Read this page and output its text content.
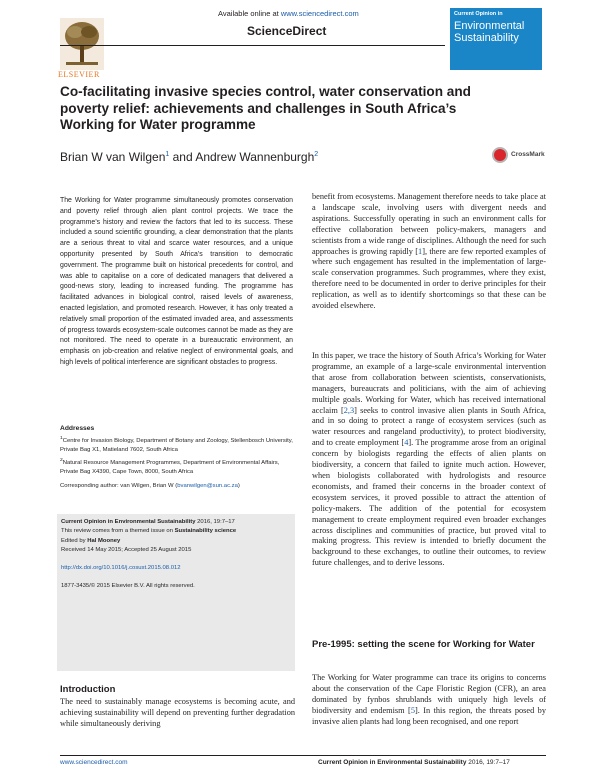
ELSEVIER
Available online at www.sciencedirect.com
ScienceDirect
Current Opinion in
Environmental Sustainability
Co-facilitating invasive species control, water conservation and poverty relief: achievements and challenges in South Africa’s Working for Water programme
Brian W van Wilgen$^1$ and Andrew Wannenburgh$^2$	CrossMark
The Working for Water programme simultaneously promotes conservation and poverty relief through alien plant control projects. We trace the programme’s history and review the factors that led to its success. These included a sound scientific grounding, a clear demonstration that the plants are a serious threat to vital and scarce water resources, and a unique opportunity presented by South Africa’s transition to democratic government. The programme built on historical precedents for control, and was able to capitalise on a core of dedicated managers that delivered a good-news story, leading to increased funding. The programme has facilitated advances in biological control, raised levels of awareness, enacted legislation, and promoted research. However, it has only treated a relatively small proportion of the estimated invaded area, and assessments of progress towards ecosystem-scale outcomes cannot be made as they are not monitored. The need to operate in a bureaucratic environment, an emphasis on job-creation and relative neglect of environmental goals, and high levels of political interference are significant obstacles to progress.
Addresses
$^1$Centre for Invasion Biology, Department of Botany and Zoology, Stellenbosch University, Private Bag X1, Matieland 7602, South Africa
$^2$Natural Resource Management Programmes, Department of Environmental Affairs, Private Bag X4390, Cape Town, 8000, South Africa
Corresponding author: van Wilgen, Brian W (bvanwilgen@sun.ac.za)
Current Opinion in Environmental Sustainability 2016, 19:7–17
This review comes from a themed issue on Sustainability science
Edited by Hal Mooney
Received 14 May 2015; Accepted 25 August 2015
http://dx.doi.org/10.1016/j.cosust.2015.08.012
1877-3435/© 2015 Elsevier B.V. All rights reserved.
Introduction
The need to sustainably manage ecosystems is becoming acute, and achieving sustainability will depend on preventing further degradation while simultaneously deriving
benefit from ecosystems. Management therefore needs to take place at a landscape scale, involving users with divergent needs and aspirations. Successfully operating in such an environment calls for effective collaboration between policy-makers, managers and scientists from a wide range of disciplines. Although the need for such approaches is growing rapidly [1], there are few reported examples of where such engagement has resulted in the implementation of large-scale conservation programmes. Such programmes, where they exist, therefore need to be documented in order to derive principles for their replication, as well as to identify shortcomings so that these can be avoided elsewhere.
In this paper, we trace the history of South Africa’s Working for Water programme, an example of a large-scale environmental intervention that arose from collaboration between scientists, conservationists, managers, bureaucrats and politicians, with the aim of achieving multiple goals. Working for Water, which has received international acclaim [2,3] seeks to control invasive alien plants in South Africa, and in so doing to protect a range of ecosystem services (such as water resources and rangeland productivity), to protect biodiversity, and to create employment [4]. The programme arose from an original concern by biologists regarding the effects of alien plants on biodiversity, a concern that failed to ignite much action. However, when biologists collaborated with hydrologists and resource economists, and framed their concerns in the broader context of ecosystem services, it proved possible to attract the attention of policy-makers. The addition of the potential for ecosystem management to create employment required even broader exchanges across disciplines and communities of practice, but proved vital to making progress. This review is intended to briefly document the background to these exchanges, to outline their outcomes, to review future challenges, and to derive lessons.
Pre-1995: setting the scene for Working for Water
The Working for Water programme can trace its origins to concerns about the conservation of the Cape Floristic Region (CFR), an area dominated by fynbos shrublands with uniquely high levels of biodiversity and endemism [5]. In this region, the threats posed by invasive alien plants had long been recognised, and one report
www.sciencedirect.com	Current Opinion in Environmental Sustainability 2016, 19:7–17
